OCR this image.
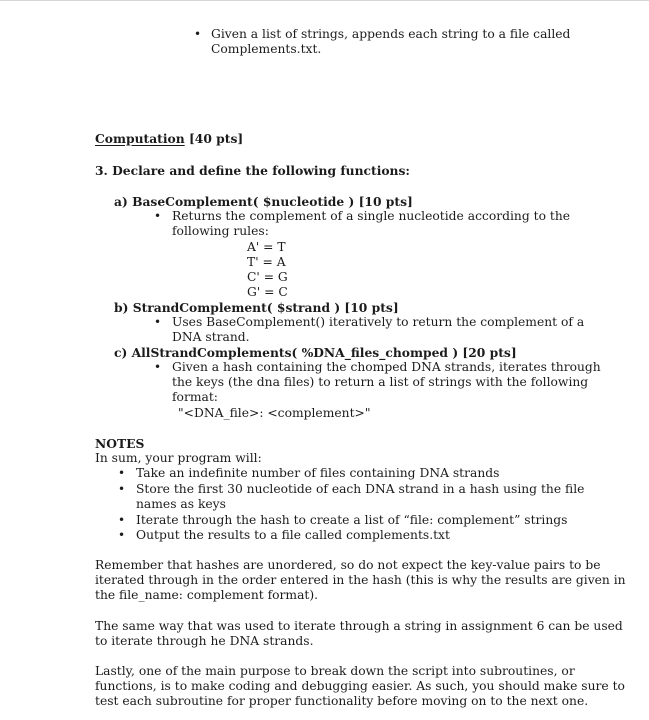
• Given a list of strings, appends each string to a file called
Complements.txt.
Computation [40 pts]
3. Declare and define the following functions:
a) BaseComplement( $nucleotide ) [10 pts]
• Returns the complement of a single nucleotide according to the
following rules:
A' = T
T' = A
C' = G
G' = C
b) StrandComplement( $strand ) [10 pts]
• Uses BaseComplement() iteratively to return the complement of a
DNA strand.
c) AllStrandComplements( %DNA_files_chomped ) [20 pts]
• Given a hash containing the chomped DNA strands, iterates through
the keys (the dna files) to return a list of strings with the following
format:
"<DNA_file>: <complement>"
NOTES
In sum, your program will:
• Take an indefinite number of files containing DNA strands
• Store the first 30 nucleotide of each DNA strand in a hash using the file
names as keys
• Iterate through the hash to create a list of “file: complement” strings
• Output the results to a file called complements.txt
Remember that hashes are unordered, so do not expect the key-value pairs to be
iterated through in the order entered in the hash (this is why the results are given in
the file_name: complement format).
The same way that was used to iterate through a string in assignment 6 can be used
to iterate through he DNA strands.
Lastly, one of the main purpose to break down the script into subroutines, or
functions, is to make coding and debugging easier. As such, you should make sure to
test each subroutine for proper functionality before moving on to the next one.
